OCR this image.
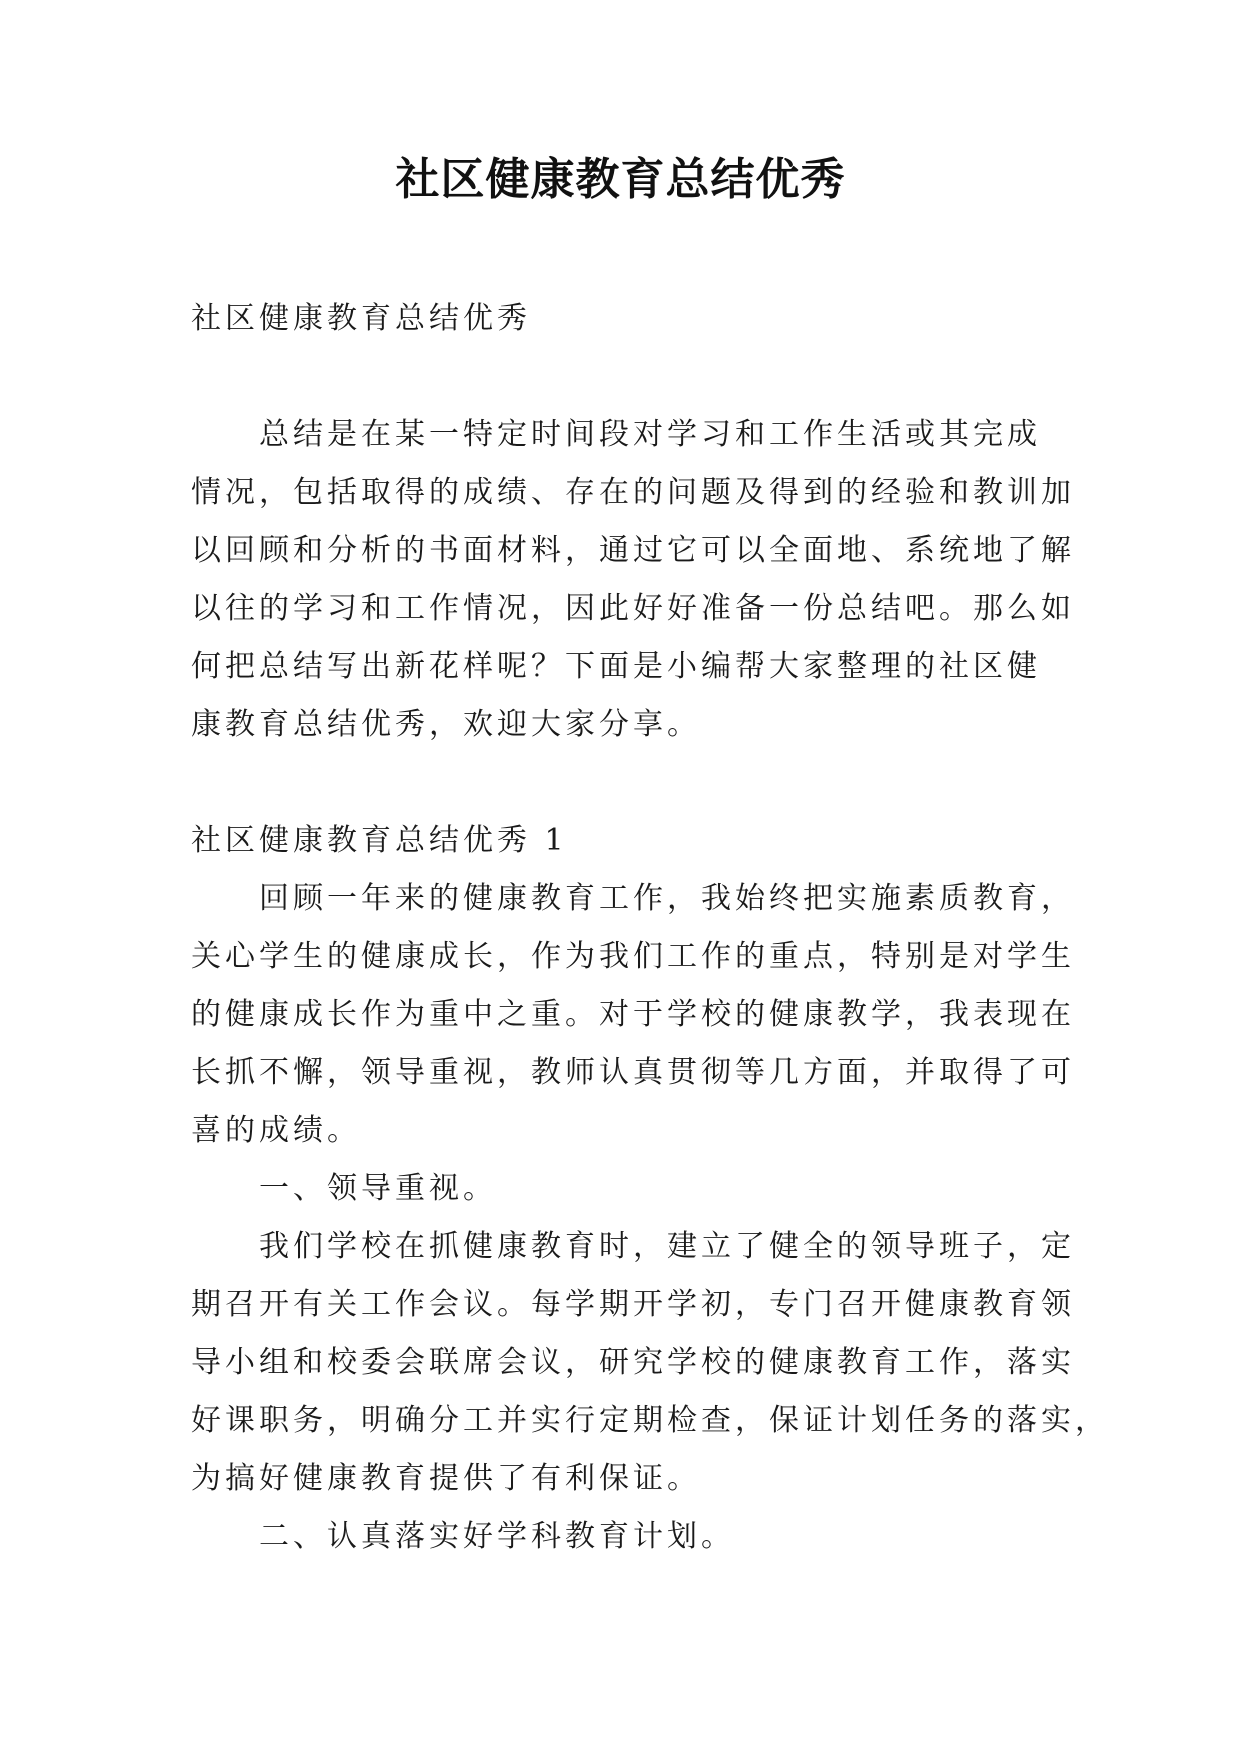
社区健康教育总结优秀
社区健康教育总结优秀
总结是在某一特定时间段对学习和工作生活或其完成
情况，包括取得的成绩、存在的问题及得到的经验和教训加
以回顾和分析的书面材料，通过它可以全面地、系统地了解
以往的学习和工作情况，因此好好准备一份总结吧。那么如
何把总结写出新花样呢？下面是小编帮大家整理的社区健
康教育总结优秀，欢迎大家分享。
社区健康教育总结优秀 1
回顾一年来的健康教育工作，我始终把实施素质教育，
关心学生的健康成长，作为我们工作的重点，特别是对学生
的健康成长作为重中之重。对于学校的健康教学，我表现在
长抓不懈，领导重视，教师认真贯彻等几方面，并取得了可
喜的成绩。
一、领导重视。
我们学校在抓健康教育时，建立了健全的领导班子，定
期召开有关工作会议。每学期开学初，专门召开健康教育领
导小组和校委会联席会议，研究学校的健康教育工作，落实
好课职务，明确分工并实行定期检查，保证计划任务的落实，
为搞好健康教育提供了有利保证。
二、认真落实好学科教育计划。
